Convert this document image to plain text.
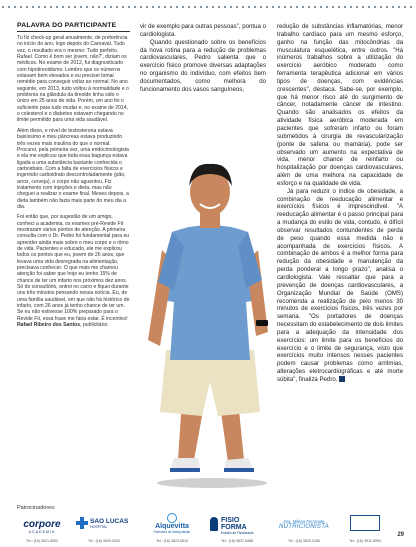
PALAVRA DO PARTICIPANTE

Tu fiz check-up geral anualmente, de preferência no início do ano, logo depois do Carnaval. Tudo vez, o resultado era o mesmo: Tudo perfeito, Rafael. Como é bom ser jovem, não?', diziam os médicos. No exame de 2012, fui diagnosticado com hipotireoidismo. Lembro que os números estavam bem elevados e eu precisei tomar remédio para conseguir voltar ao normal. No ano seguinte, em 2013, tudo voltou à normalidade e o problema na glândula da tireoide tinha sido o único em 25 anos de vida. Porém, um ano foi o suficiente para tudo mudar e, no exame de 2014, o colesterol e o diabetes estavam chegando no limite permitido para uma vida saudável.

Além disso, o nível de testosterona estava baixíssimo e meu pâncreas estava produzindo três vezes mais insulina do que o normal. Procurei, pela primeira vez, uma endocrinologista e ela me explicou que toda essa bagunça estava ligada a uma substância bastante conhecida o carboidrato. Com a falta de exercícios físicos e ingerindo carboidrato descontroladamente (pão, arroz, cerveja), o corpo não aguentou. Fiz tratamento com injeções e dieta, mas não cheguei a realizar o exame final. Meses depois, a dieta também não fazia mais parte do meu dia a dia.

Foi então que, por sugestão de um amigo, conheci a academia, os exames pré-Revide Fit mostraram vários pontos de atenção. A primeira consulta com o Dr. Pedro foi fundamental para eu aprender ainda mais sobre o meu corpo e o ritmo de vida. Pacientes e educado, ele me explicou todos os pontos que eu, jovem de 26 anos, que levava uma vida desregrada na alimentação, precisava conhecer. O que mais me chamou atenção foi saber que hoje eu tenho 15% de chance de ter um infarto nos próximos dez anos. Só do consultório, entrei no carro e fiquei durante uns três minutos pensando nessa notícia. Eu, de uma família saudável, em que não há histórico de infarto, com 26 anos já tenho chance de ter um. Se eu não estivesse 100% preparado para o Revide Fit, essa frase me faria estar. É incentivo! Rafael Ribeiro dos Santos, publicitário.

vir de exemplo para outras pessoas", pontua o cardiologista.

Quando questionado sobre os benefícios da nova rotina para a redução de problemas cardiovasculares, Pedro salienta que o exercício físico promove diversas adaptações no organismo do indivíduo, com efeitos bem documentados, como melhora do funcionamento dos vasos sanguíneos,

redução de substâncias inflamatórias, menor trabalho cardíaco para um mesmo esforço, ganho na função das mitocôndrias da musculatura esquelética, entre outros. "Há inúmeros trabalhos sobre a utilização do exercício aeróbico moderado como ferramenta terapêutica adicional em vários tipos de doenças, com evidências crescentes", destaca. Sabe-se, por exemplo, que há menor risco até do surgimento de câncer, notadamente câncer de intestino. Quando são analisados os efeitos da atividade física aeróbica moderada em pacientes que sofreram infarto ou foram submetidos à cirurgia de revascularização (ponte de safena ou mamária), pode ser observado um aumento na expectativa de vida, menor chance de reinfarto ou hospitalização por doenças cardiovasculares, além de uma melhora na capacidade de esforço e na qualidade de vida.

Já para reduzir o índice de obesidade, a combinação de reeducação alimentar e exercícios físicos é imprescindível. "A reeducação alimentar é o passo principal para a mudança do estilo de vida, contudo, é difícil observar resultados contundentes de perda de peso quando essa medida não é acompanhada de exercícios físicos. A combinação de ambos é a melhor forma para redução da obesidade e manutenção da perda ponderal a longo prazo", analisa o cardiologista. Vale ressaltar que para a prevenção de doenças cardiovasculares, a Organização Mundial de Saúde (OMS) recomenda a realização de pelo menos 30 minutos de exercícios físicos, três vezes por semana. "Os portadores de doenças necessitam do estabelecimento de dois limites para a adequação da intensidade dos exercícios: um limite para os benefícios do exercício e o limite de segurança, visto que exercícios muito intensos nesses pacientes podem causar problemas como arritmias, alterações eletrocardiográficas e até morte súbita", finaliza Pedro.

Patrocinadores:
corpore
ACADEMIA
Tel.: (16) 3621.8003
SAO LUCAS
HOSPITAL
Tel.: (16) 4009.0320
Alquevitta
Farmácia de Manipulação
Tel.: (16) 3623.5810
FISIO FORMA
Estúdio de Fisioterapia
Tel.: (16) 3637.6488
Dra. Milena Ferronato
NUTRICIONISTA
Tel.: (16) 3620.3180	Tel.: (16) 3911.6954
29
